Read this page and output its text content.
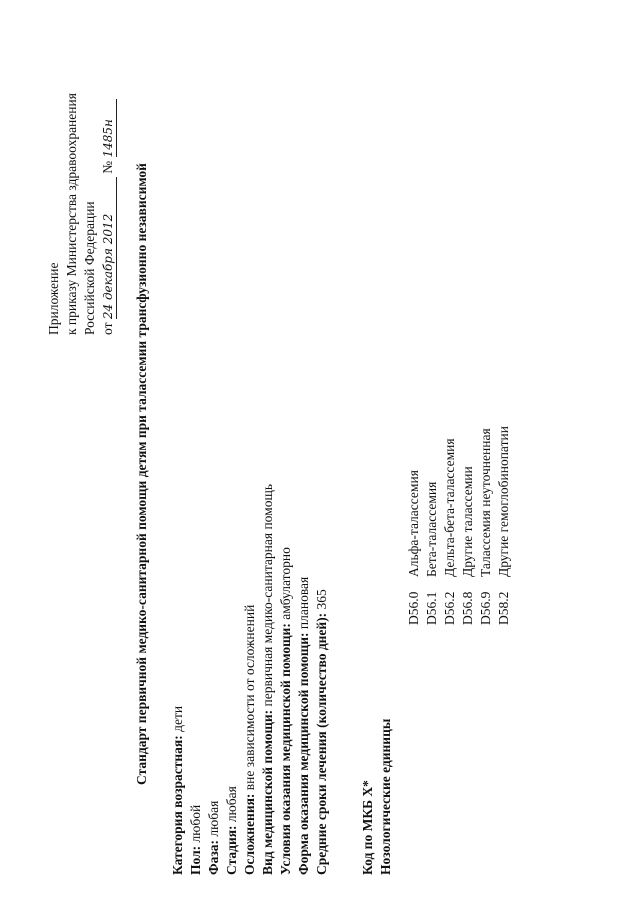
Приложение к приказу Министерства здравоохранения Российской Федерации от 24 декабря 2012 № 1485н
Стандарт первичной медико-санитарной помощи детям при талассемии трансфузионно независимой
Категория возрастная: дети
Пол: любой
Фаза: любая
Стадия: любая Осложнения: вне зависимости от осложнений Вид медицинской помощи: первичная медико-санитарная помощь
Условия оказания медицинской помощи: амбулаторно
Форма оказания медицинской помощи: плановая
Средние сроки лечения (количество дней): 365
Код по МКБ X* Нозологические единицы
D56.0
Альфа-талассемия
D56.1
Бета-талассемия
D56.2
Дельта-бета-талассемия
D56.8
Другие талассемии
D56.9
Талассемия неуточненная
D58.2
Другие гемоглобинопатии
